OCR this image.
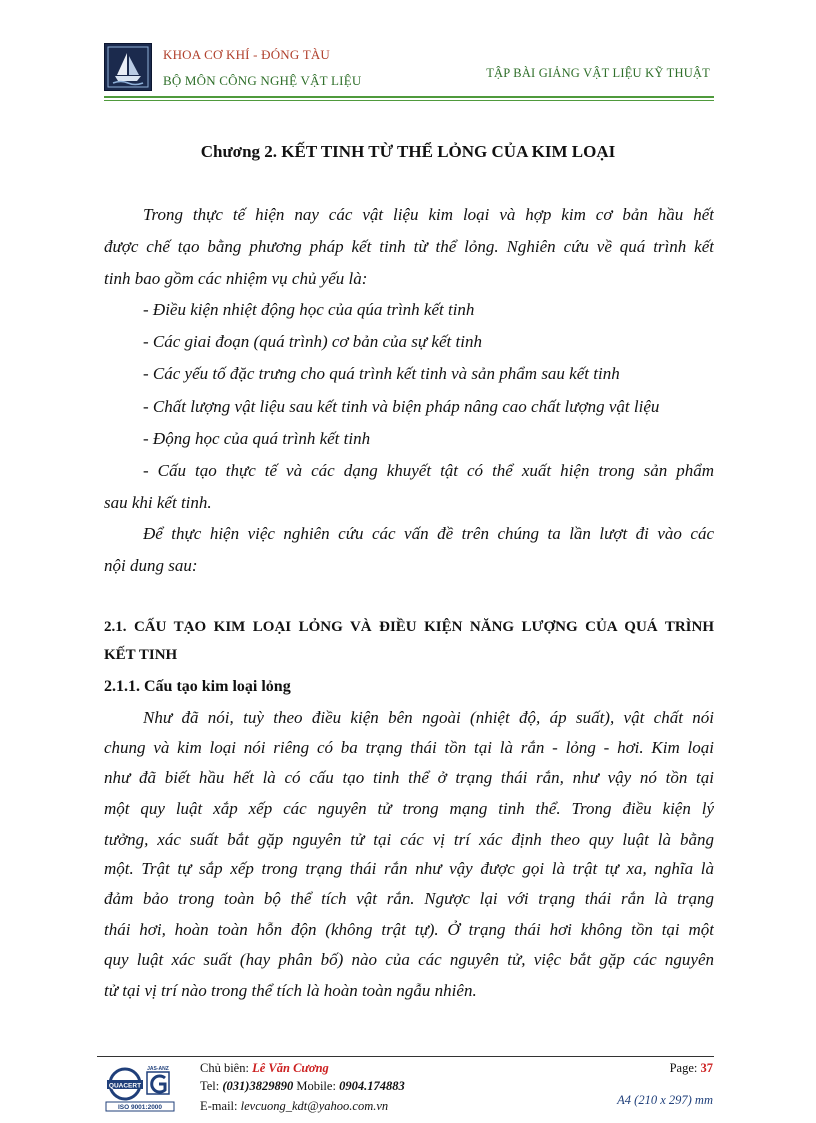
KHOA CƠ KHÍ - ĐÓNG TÀU
BỘ MÔN CÔNG NGHỆ VẬT LIỆU	TẬP BÀI GIẢNG VẬT LIỆU KỸ THUẬT
Chương 2. KẾT TINH TỪ THỂ LỎNG CỦA KIM LOẠI
Trong thực tế hiện nay các vật liệu kim loại và hợp kim cơ bản hầu hết
được chế tạo bằng phương pháp kết tinh từ thể lỏng. Nghiên cứu về quá trình kết
tinh bao gồm các nhiệm vụ chủ yếu là:
- Điều kiện nhiệt động học của qúa trình kết tinh
- Các giai đoạn (quá trình) cơ bản của sự kết tinh
- Các yếu tố đặc trưng cho quá trình kết tinh và sản phẩm sau kết tinh
- Chất lượng vật liệu sau kết tinh và biện pháp nâng cao chất lượng vật liệu
- Động học của quá trình kết tinh
- Cấu tạo thực tế và các dạng khuyết tật có thể xuất hiện trong sản phẩm
sau khi kết tinh.
Để thực hiện việc nghiên cứu các vấn đề trên chúng ta lần lượt đi vào các
nội dung sau:
2.1. CẤU TẠO KIM LOẠI LỎNG VÀ ĐIỀU KIỆN NĂNG LƯỢNG CỦA QUÁ TRÌNH
KẾT TINH
2.1.1. Cấu tạo kim loại lỏng
Như đã nói, tuỳ theo điều kiện bên ngoài (nhiệt độ, áp suất), vật chất nói
chung và kim loại nói riêng có ba trạng thái tồn tại là rắn - lỏng - hơi. Kim loại
như đã biết hầu hết là có cấu tạo tinh thể ở trạng thái rắn, như vậy nó tồn tại
một quy luật xắp xếp các nguyên tử trong mạng tinh thể. Trong điều kiện lý
tưởng, xác suất bắt gặp nguyên tử tại các vị trí xác định theo quy luật là bằng
một. Trật tự sắp xếp trong trạng thái rắn như vậy được gọi là trật tự xa, nghĩa là
đảm bảo trong toàn bộ thể tích vật rắn. Ngược lại với trạng thái rắn là trạng
thái hơi, hoàn toàn hỗn độn (không trật tự). Ở trạng thái hơi không tồn tại một
quy luật xác suất (hay phân bố) nào của các nguyên tử, việc bắt gặp các nguyên
tử tại vị trí nào trong thể tích là hoàn toàn ngẫu nhiên.
QUACERT
JAS-ANZ
ISO 9001:2000
Chủ biên: Lê Văn Cương
Tel: (031)3829890 Mobile: 0904.174883
E-mail: levcuong_kdt@yahoo.com.vn
Page: 37
A4 (210 x 297) mm
